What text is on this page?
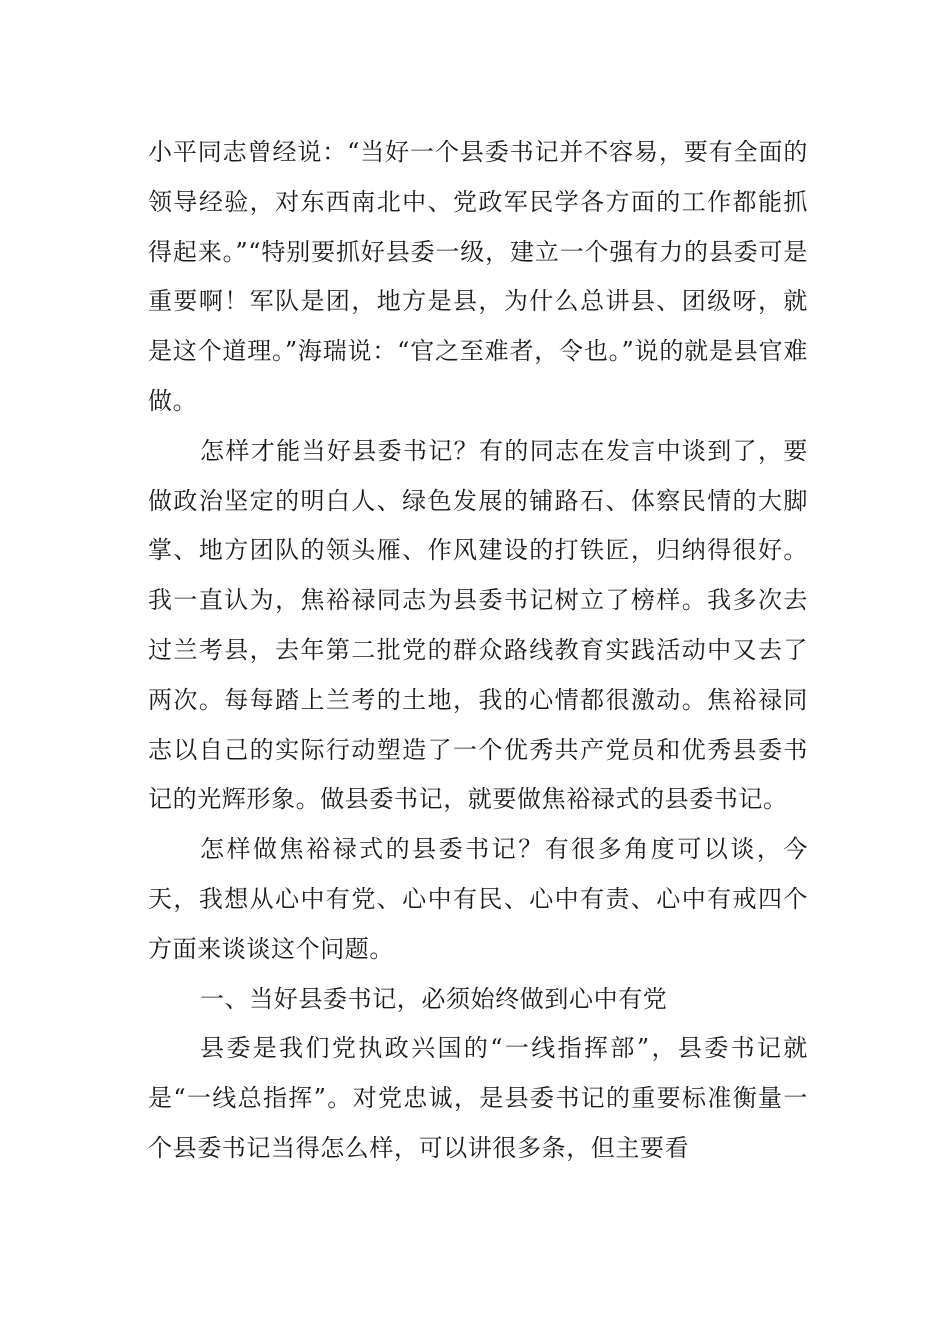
小平同志曾经说：“当好一个县委书记并不容易，要有全面的领导经验，对东西南北中、党政军民学各方面的工作都能抓得起来。”“特别要抓好县委一级，建立一个强有力的县委可是重要啊！军队是团，地方是县，为什么总讲县、团级呀，就是这个道理。”海瑞说：“官之至难者，令也。”说的就是县官难做。

怎样才能当好县委书记？有的同志在发言中谈到了，要做政治坚定的明白人、绿色发展的铺路石、体察民情的大脚掌、地方团队的领头雁、作风建设的打铁匠，归纳得很好。我一直认为，焦裕禄同志为县委书记树立了榜样。我多次去过兰考县，去年第二批党的群众路线教育实践活动中又去了两次。每每踏上兰考的土地，我的心情都很激动。焦裕禄同志以自己的实际行动塑造了一个优秀共产党员和优秀县委书记的光辉形象。做县委书记，就要做焦裕禄式的县委书记。

怎样做焦裕禄式的县委书记？有很多角度可以谈，今天，我想从心中有党、心中有民、心中有责、心中有戒四个方面来谈谈这个问题。

一、当好县委书记，必须始终做到心中有党

县委是我们党执政兴国的“一线指挥部”，县委书记就是“一线总指挥”。对党忠诚，是县委书记的重要标准衡量一个县委书记当得怎么样，可以讲很多条，但主要看
